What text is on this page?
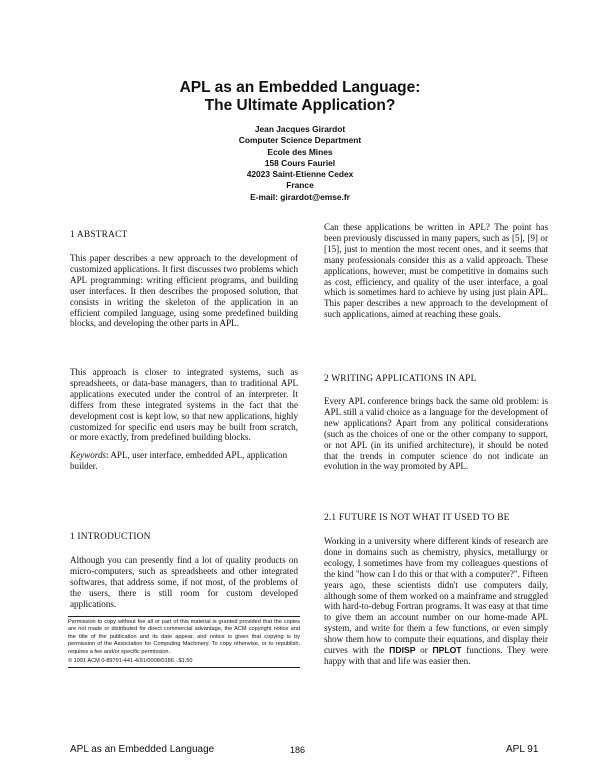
APL as an Embedded Language:
The Ultimate Application?
Jean Jacques Girardot
Computer Science Department
Ecole des Mines
158 Cours Fauriel
42023 Saint-Etienne Cedex
France
E-mail: girardot@emse.fr
1 ABSTRACT

This paper describes a new approach to the development of customized applications. It first discusses two problems which APL programming: writing efficient programs, and building user interfaces. It then describes the proposed solution, that consists in writing the skeleton of the application in an efficient compiled language, using some predefined building blocks, and developing the other parts in APL.

This approach is closer to integrated systems, such as spreadsheets, or data-base managers, than to traditional APL applications executed under the control of an interpreter. It differs from these integrated systems in the fact that the development cost is kept low, so that new applications, highly customized for specific end users may be built from scratch, or more exactly, from predefined building blocks.

Keywords: APL, user interface, embedded APL, application builder.
1 INTRODUCTION

Although you can presently find a lot of quality products on micro-computers, such as spreadsheets and other integrated softwares, that address some, if not most, of the problems of the users, there is still room for custom developed applications.

Permission to copy without fee all or part of this material is granted provided that the copies are not made or distributed for direct commercial advantage, the ACM copyright notice and the title of the publication and its date appear, and notice is given that copying is by permission of the Association for Computing Machinery. To copy otherwise, or to republish, requires a fee and/or specific permission.

© 1991 ACM 0-89791-441-4/91/0008/0186...$1.50

Can these applications be written in APL? The point has been previously discussed in many papers, such as [5], [9] or [15], just to mention the most recent ones, and it seems that many professionals consider this as a valid approach. These applications, however, must be competitive in domains such as cost, efficiency, and quality of the user interface, a goal which is sometimes hard to achieve by using just plain APL. This paper describes a new approach to the development of such applications, aimed at reaching these goals.

2 WRITING APPLICATIONS IN APL

Every APL conference brings back the same old problem: is APL still a valid choice as a language for the development of new applications? Apart from any political considerations (such as the choices of one or the other company to support, or not APL (in its unified architecture), it should be noted that the trends in computer science do not indicate an evolution in the way promoted by APL.

2.1 FUTURE IS NOT WHAT IT USED TO BE

Working in a university where different kinds of research are done in domains such as chemistry, physics, metallurgy or ecology, I sometimes have from my colleagues questions of the kind "how can I do this or that with a computer?". Fifteen years ago, these scientists didn't use computers daily, although some of them worked on a mainframe and struggled with hard-to-debug Fortran programs. It was easy at that time to give them an account number on our home-made APL system, and write for them a few functions, or even simply show them how to compute their equations, and display their curves with the ΠDISP or ΠPLOT functions. They were happy with that and life was easier then.

APL as an Embedded Language	186	APL 91
